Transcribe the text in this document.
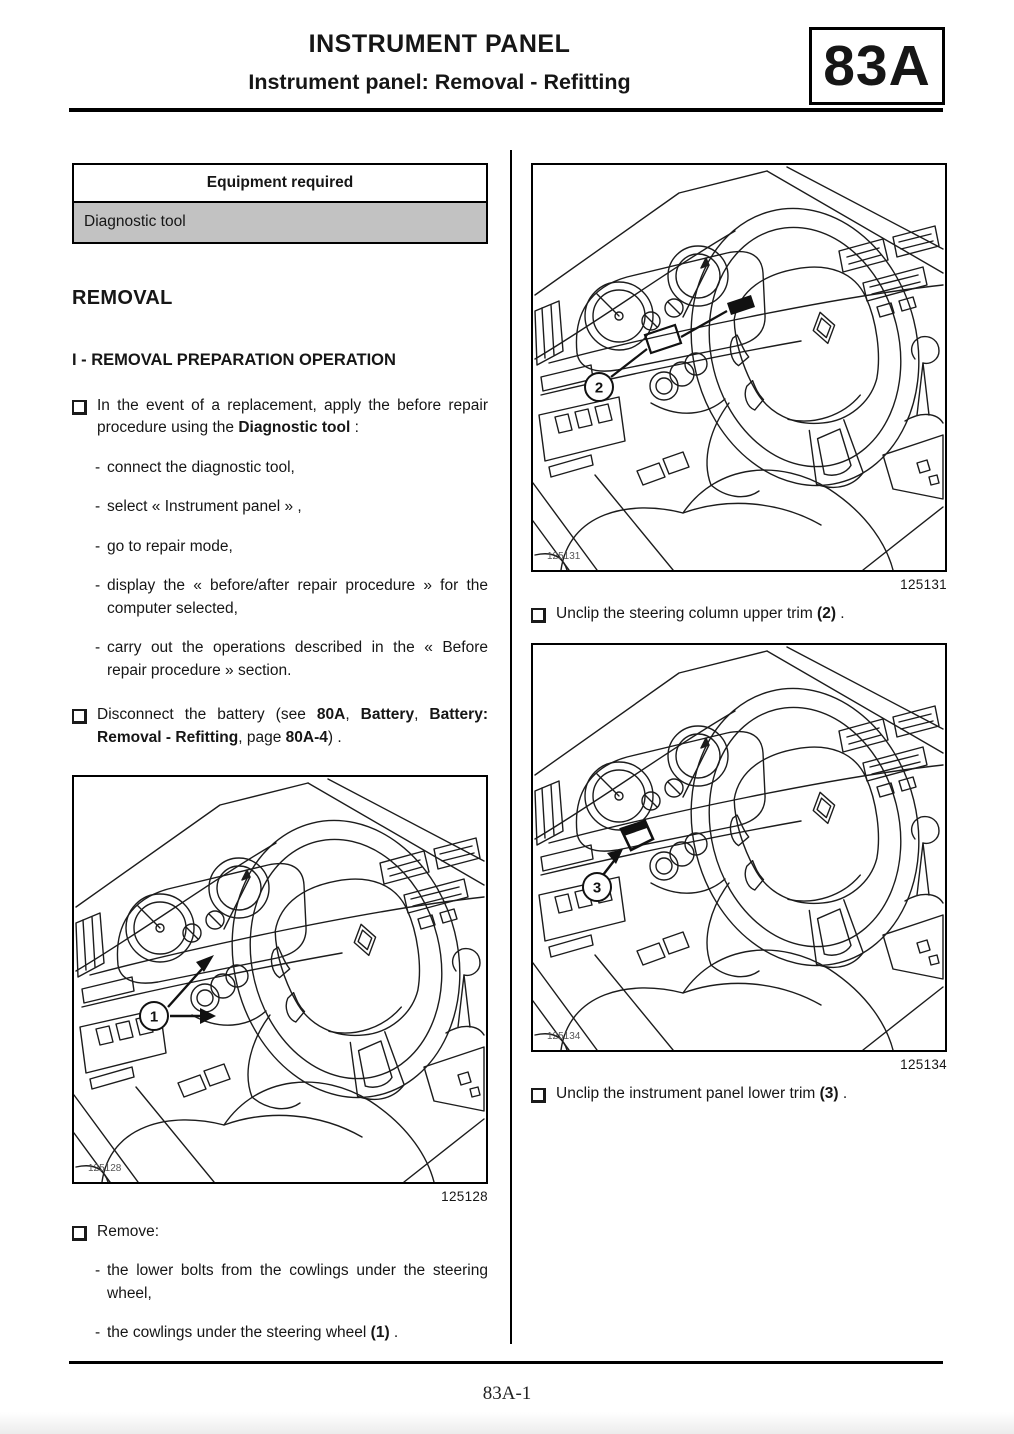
INSTRUMENT PANEL
Instrument panel: Removal - Refitting	83A
Equipment required
Diagnostic tool
REMOVAL
I - REMOVAL PREPARATION OPERATION
In the event of a replacement, apply the before repair procedure using the Diagnostic tool :
- connect the diagnostic tool,
- select « Instrument panel » ,
- go to repair mode,
- display the « before/after repair procedure » for the computer selected,
- carry out the operations described in the « Before repair procedure » section.
Disconnect the battery (see 80A, Battery, Battery: Removal - Refitting, page 80A-4) .
1
125128
125128
Remove:
- the lower bolts from the cowlings under the steering wheel,
- the cowlings under the steering wheel (1) .
2
125131
125131
Unclip the steering column upper trim (2) .
3
125134
125134
Unclip the instrument panel lower trim (3) .
83A-1
